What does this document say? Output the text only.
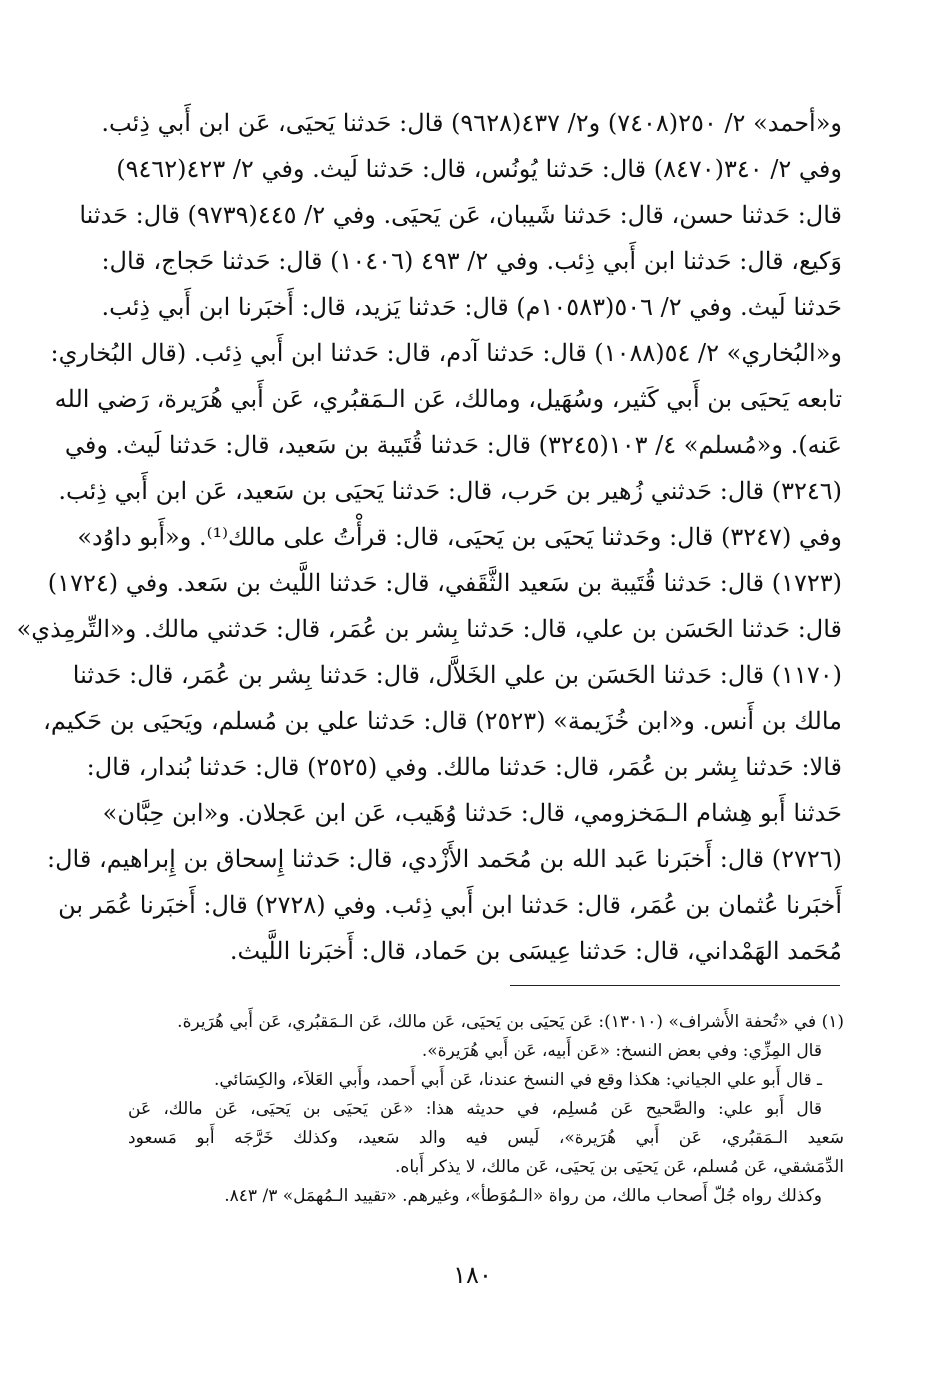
و«أحمد» ٢/ ٢٥٠(٧٤٠٨) و٢/ ٤٣٧(٩٦٢٨) قال: حَدثنا يَحيَى، عَن ابن أَبي ذِئب.
وفي ٢/ ٣٤٠(٨٤٧٠) قال: حَدثنا يُونُس، قال: حَدثنا لَيث. وفي ٢/ ٤٢٣(٩٤٦٢)
قال: حَدثنا حسن، قال: حَدثنا شَيبان، عَن يَحيَى. وفي ٢/ ٤٤٥(٩٧٣٩) قال: حَدثنا
وَكيع، قال: حَدثنا ابن أَبي ذِئب. وفي ٢/ ٤٩٣ (١٠٤٠٦) قال: حَدثنا حَجاج، قال:
حَدثنا لَيث. وفي ٢/ ٥٠٦(١٠٥٨٣م) قال: حَدثنا يَزيد، قال: أَخبَرنا ابن أَبي ذِئب.
و«البُخاري» ٢/ ٥٤(١٠٨٨) قال: حَدثنا آدم، قال: حَدثنا ابن أَبي ذِئب. (قال البُخاري:
تابعه يَحيَى بن أَبي كَثير، وسُهَيل، ومالك، عَن الـمَقبُري، عَن أَبي هُرَيرة، رَضي الله
عَنه). و«مُسلم» ٤/ ١٠٣(٣٢٤٥) قال: حَدثنا قُتَيبة بن سَعيد، قال: حَدثنا لَيث. وفي
(٣٢٤٦) قال: حَدثني زُهير بن حَرب، قال: حَدثنا يَحيَى بن سَعيد، عَن ابن أَبي ذِئب.
وفي (٣٢٤٧) قال: وحَدثنا يَحيَى بن يَحيَى، قال: قرأْتُ على مالك⁽¹⁾. و«أَبو داوُد»
(١٧٢٣) قال: حَدثنا قُتَيبة بن سَعيد الثَّقَفي، قال: حَدثنا اللَّيث بن سَعد. وفي (١٧٢٤)
قال: حَدثنا الحَسَن بن علي، قال: حَدثنا بِشر بن عُمَر، قال: حَدثني مالك. و«التِّرمِذي»
(١١٧٠) قال: حَدثنا الحَسَن بن علي الخَلاَّل، قال: حَدثنا بِشر بن عُمَر، قال: حَدثنا
مالك بن أَنس. و«ابن خُزَيمة» (٢٥٢٣) قال: حَدثنا علي بن مُسلم، ويَحيَى بن حَكيم،
قالا: حَدثنا بِشر بن عُمَر، قال: حَدثنا مالك. وفي (٢٥٢٥) قال: حَدثنا بُندار، قال:
حَدثنا أَبو هِشام الـمَخزومي، قال: حَدثنا وُهَيب، عَن ابن عَجلان. و«ابن حِبَّان»
(٢٧٢٦) قال: أَخبَرنا عَبد الله بن مُحَمد الأَزْدي، قال: حَدثنا إِسحاق بن إِبراهيم، قال:
أَخبَرنا عُثمان بن عُمَر، قال: حَدثنا ابن أَبي ذِئب. وفي (٢٧٢٨) قال: أَخبَرنا عُمَر بن
مُحَمد الهَمْداني، قال: حَدثنا عِيسَى بن حَماد، قال: أَخبَرنا اللَّيث.
(١) في «تُحفة الأَشراف» (١٣٠١٠): عَن يَحيَى بن يَحيَى، عَن مالك، عَن الـمَقبُري، عَن أَبي هُرَيرة.
قال المِزِّي: وفي بعض النسخ: «عَن أَبيه، عَن أَبي هُرَيرة».
ـ قال أَبو علي الجياني: هكذا وقع في النسخ عندنا، عَن أَبي أَحمد، وأَبي العَلاَء، والكِسَائي.
قال أَبو علي: والصَّحيح عَن مُسلِم، في حديثه هذا: «عَن يَحيَى بن يَحيَى، عَن مالك، عَن
سَعيد الـمَقبُري، عَن أَبي هُرَيرة»، لَيس فيه والد سَعيد، وكذلك خَرَّجَه أَبو مَسعود
الدِّمَشقي، عَن مُسلم، عَن يَحيَى بن يَحيَى، عَن مالك، لا يذكر أَباه.
وكذلك رواه جُلّ أَصحاب مالك، من رواة «الـمُوَطأ»، وغيرهم. «تقييد الـمُهمَل» ٣/ ٨٤٣.
١٨٠
